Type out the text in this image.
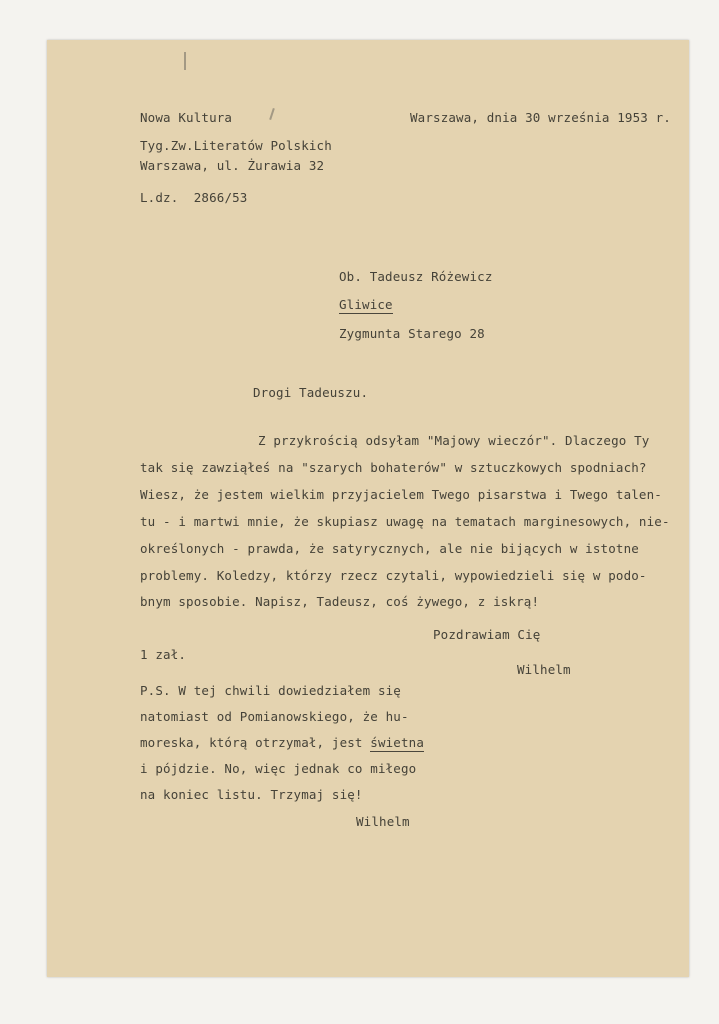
Nowa Kultura
Tyg.Zw.Literatów Polskich
Warszawa, ul. Żurawia 32
L.dz. 2866/53
Warszawa, dnia 30 września 1953 r.
Ob. Tadeusz Różewicz
Gliwice
Zygmunta Starego 28
Drogi Tadeuszu.
Z przykrością odsyłam "Majowy wieczór". Dlaczego Ty
tak się zawziąłeś na "szarych bohaterów" w sztuczkowych spodniach?
Wiesz, że jestem wielkim przyjacielem Twego pisarstwa i Twego talen-
tu - i martwi mnie, że skupiasz uwagę na tematach marginesowych, nie-
określonych - prawda, że satyrycznych, ale nie bijących w istotne
problemy. Koledzy, którzy rzecz czytali, wypowiedzieli się w podo-
bnym sposobie. Napisz, Tadeusz, coś żywego, z iskrą!
Pozdrawiam Cię
1 zał.
Wilhelm
P.S. W tej chwili dowiedziałem się
natomiast od Pomianowskiego, że hu-
moreska, którą otrzymał, jest świetna
i pójdzie. No, więc jednak co miłego
na koniec listu. Trzymaj się!
Wilhelm
